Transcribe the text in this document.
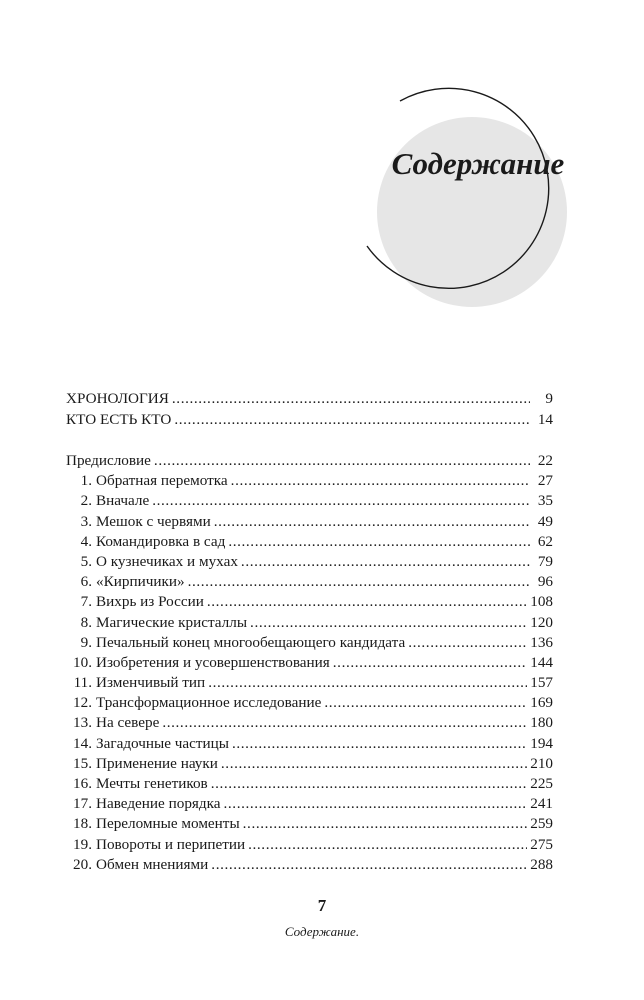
Содержание
ХРОНОЛОГИЯ . . .	9
КТО ЕСТЬ КТО . . .	14
Предисловие . . .	22
1. Обратная перемотка . . .	27
2. Вначале . . .	35
3. Мешок с червями . . .	49
4. Командировка в сад . . .	62
5. О кузнечиках и мухах . . .	79
6. «Кирпичики» . . .	96
7. Вихрь из России . . .	108
8. Магические кристаллы . . .	120
9. Печальный конец многообещающего кандидата . . .	136
10. Изобретения и усовершенствования . . .	144
11. Изменчивый тип . . .	157
12. Трансформационное исследование . . .	169
13. На севере . . .	180
14. Загадочные частицы . . .	194
15. Применение науки . . .	210
16. Мечты генетиков . . .	225
17. Наведение порядка . . .	241
18. Переломные моменты . . .	259
19. Повороты и перипетии . . .	275
20. Обмен мнениями . . .	288
7
Содержание.
